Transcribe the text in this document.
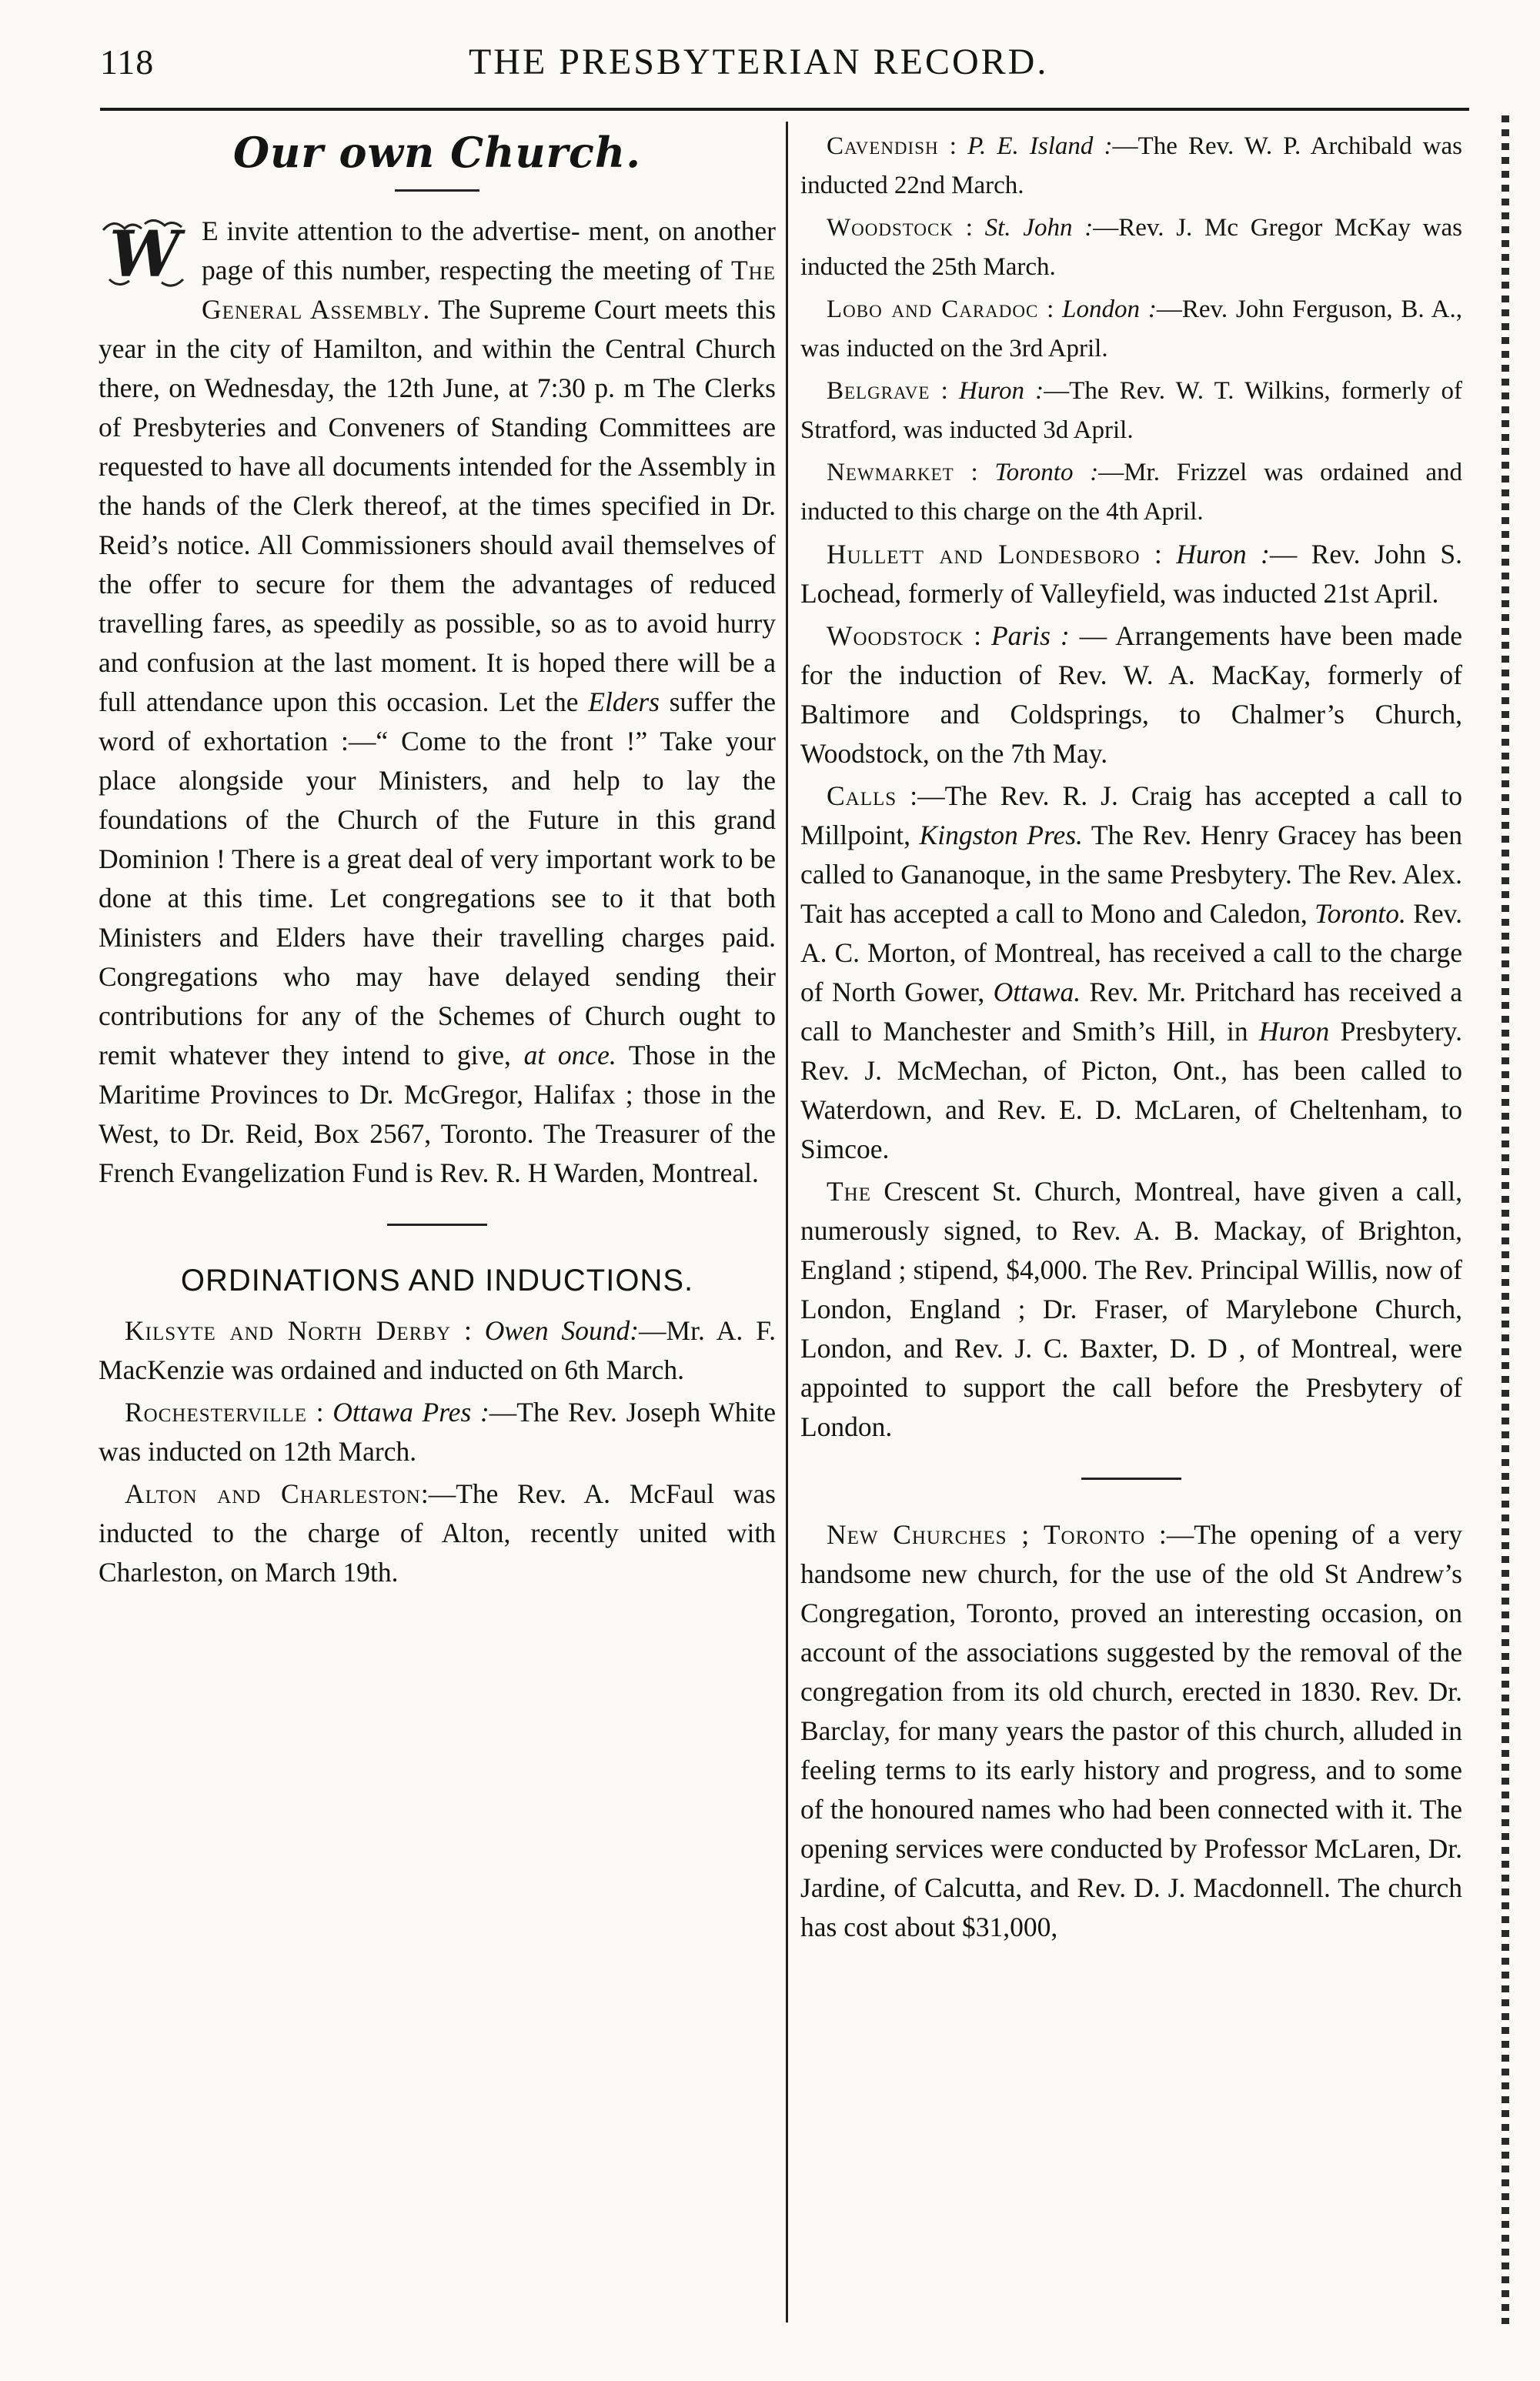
118	THE PRESBYTERIAN RECORD.
Our own Church.

W E invite attention to the advertise- ment, on another page of this number, respecting the meeting of The General Assembly. The Supreme Court meets this year in the city of Hamilton, and within the Central Church there, on Wednesday, the 12th June, at 7:30 p. m The Clerks of Presbyteries and Conveners of Standing Committees are requested to have all documents intended for the Assembly in the hands of the Clerk thereof, at the times specified in Dr. Reid’s notice. All Commissioners should avail themselves of the offer to secure for them the advantages of reduced travelling fares, as speedily as possible, so as to avoid hurry and confusion at the last moment. It is hoped there will be a full attendance upon this occasion. Let the Elders suffer the word of exhortation :—“ Come to the front !” Take your place alongside your Ministers, and help to lay the foundations of the Church of the Future in this grand Dominion ! There is a great deal of very important work to be done at this time. Let congregations see to it that both Ministers and Elders have their travelling charges paid. Congregations who may have delayed sending their contributions for any of the Schemes of Church ought to remit whatever they intend to give, at once. Those in the Maritime Provinces to Dr. McGregor, Halifax ; those in the West, to Dr. Reid, Box 2567, Toronto. The Treasurer of the French Evangelization Fund is Rev. R. H Warden, Montreal.

ORDINATIONS AND INDUCTIONS.

Kilsyte and North Derby : Owen Sound:—Mr. A. F. MacKenzie was ordained and inducted on 6th March.

Rochesterville : Ottawa Pres :—The Rev. Joseph White was inducted on 12th March.

Alton and Charleston:—The Rev. A. McFaul was inducted to the charge of Alton, recently united with Charleston, on March 19th.

Cavendish : P. E. Island :—The Rev. W. P. Archibald was inducted 22nd March.

Woodstock : St. John :—Rev. J. Mc Gregor McKay was inducted the 25th March.

Lobo and Caradoc : London :—Rev. John Ferguson, B. A., was inducted on the 3rd April.

Belgrave : Huron :—The Rev. W. T. Wilkins, formerly of Stratford, was inducted 3d April.

Newmarket : Toronto :—Mr. Frizzel was ordained and inducted to this charge on the 4th April.

Hullett and Londesboro : Huron :— Rev. John S. Lochead, formerly of Valleyfield, was inducted 21st April.

Woodstock : Paris : — Arrangements have been made for the induction of Rev. W. A. MacKay, formerly of Baltimore and Coldsprings, to Chalmer’s Church, Woodstock, on the 7th May.

Calls :—The Rev. R. J. Craig has accepted a call to Millpoint, Kingston Pres. The Rev. Henry Gracey has been called to Gananoque, in the same Presbytery. The Rev. Alex. Tait has accepted a call to Mono and Caledon, Toronto. Rev. A. C. Morton, of Montreal, has received a call to the charge of North Gower, Ottawa. Rev. Mr. Pritchard has received a call to Manchester and Smith’s Hill, in Huron Presbytery. Rev. J. McMechan, of Picton, Ont., has been called to Waterdown, and Rev. E. D. McLaren, of Cheltenham, to Simcoe.

The Crescent St. Church, Montreal, have given a call, numerously signed, to Rev. A. B. Mackay, of Brighton, England ; stipend, $4,000. The Rev. Principal Willis, now of London, England ; Dr. Fraser, of Marylebone Church, London, and Rev. J. C. Baxter, D. D , of Montreal, were appointed to support the call before the Presbytery of London.

New Churches ; Toronto :—The opening of a very handsome new church, for the use of the old St Andrew’s Congregation, Toronto, proved an interesting occasion, on account of the associations suggested by the removal of the congregation from its old church, erected in 1830. Rev. Dr. Barclay, for many years the pastor of this church, alluded in feeling terms to its early history and progress, and to some of the honoured names who had been connected with it. The opening services were conducted by Professor McLaren, Dr. Jardine, of Calcutta, and Rev. D. J. Macdonnell. The church has cost about $31,000,
